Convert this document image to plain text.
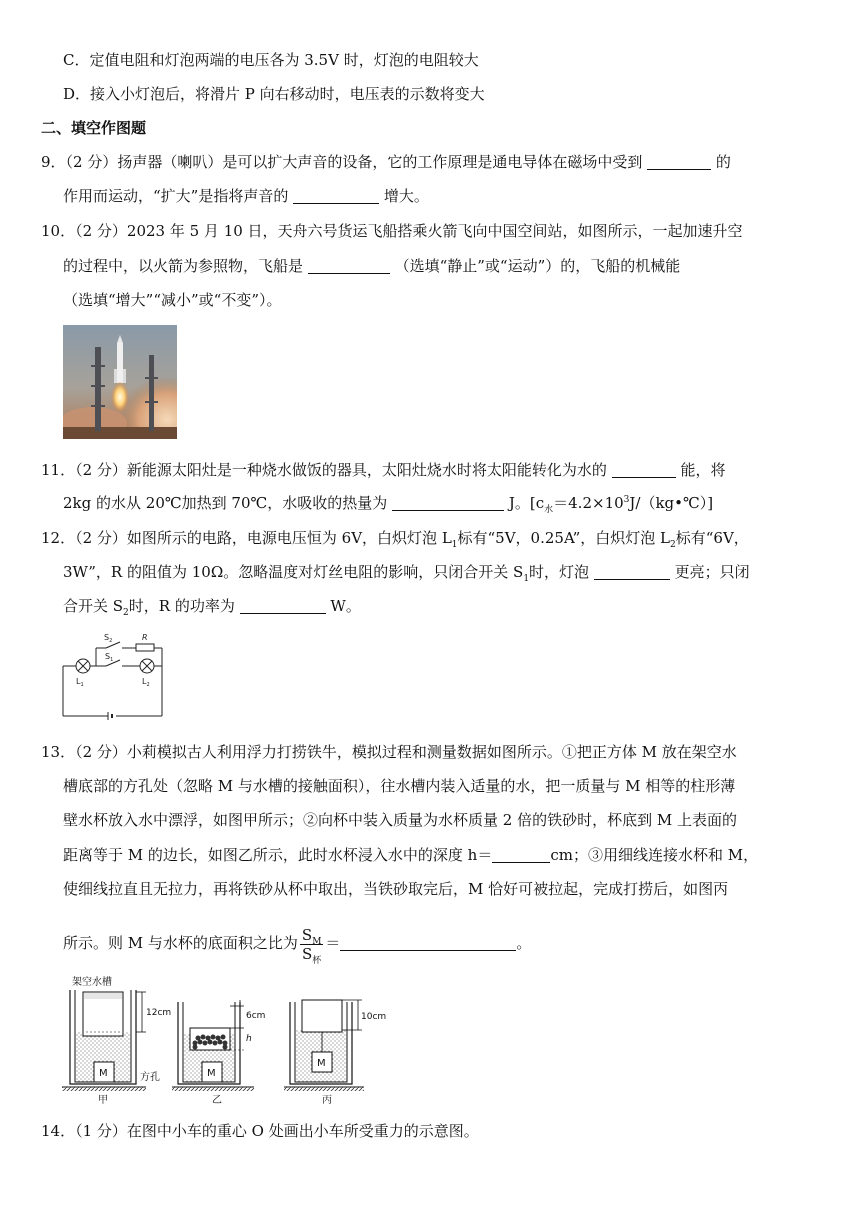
C．定值电阻和灯泡两端的电压各为 3.5V 时，灯泡的电阻较大
D．接入小灯泡后，将滑片 P 向右移动时，电压表的示数将变大
二、填空作图题
9．（2 分）扬声器（喇叭）是可以扩大声音的设备，它的工作原理是通电导体在磁场中受到	的
作用而运动，“扩大”是指将声音的	增大。
10．（2 分）2023 年 5 月 10 日，天舟六号货运飞船搭乘火箭飞向中国空间站，如图所示，一起加速升空
的过程中，以火箭为参照物，飞船是	（选填“静止”或“运动”）的，飞船的机械能
（选填“增大”“减小”或“不变”）。
11．（2 分）新能源太阳灶是一种烧水做饭的器具，太阳灶烧水时将太阳能转化为水的	能，将
2kg 的水从 20℃加热到 70℃，水吸收的热量为	J。$[c_水=4.2\times 10^3J/(kg•℃)]$
12．（2 分）如图所示的电路，电源电压恒为 6V，白炽灯泡 $L_1$标有“5V，0.25A”，白炽灯泡 $L_2$标有“6V，
3W”，R 的阻值为 10Ω。忽略温度对灯丝电阻的影响，只闭合开关 $S_1$时，灯泡	更亮；只闭
合开关 $S_2$时，R 的功率为	W。
$S_2$	R
$S_1$
$L_1$	$L_2$
13．（2 分）小莉模拟古人利用浮力打捞铁牛，模拟过程和测量数据如图所示。①把正方体 M 放在架空水
槽底部的方孔处（忽略 M 与水槽的接触面积），往水槽内装入适量的水，把一质量与 M 相等的柱形薄
壁水杯放入水中漂浮，如图甲所示；②向杯中装入质量为水杯质量 2 倍的铁砂时，杯底到 M 上表面的
距离等于 M 的边长，如图乙所示，此时水杯浸入水中的深度 h＝	cm；③用细线连接水杯和 M，
使细线拉直且无拉力，再将铁砂从杯中取出，当铁砂取完后，M 恰好可被拉起，完成打捞后，如图丙
所示。则 M 与水杯的底面积之比为 $\frac{S_M}{S_杯}$ ＝	。
架空水槽
M
12cm
方孔
甲
M
6cm
h
乙
M
10cm
丙
14．（1 分）在图中小车的重心 O 处画出小车所受重力的示意图。
